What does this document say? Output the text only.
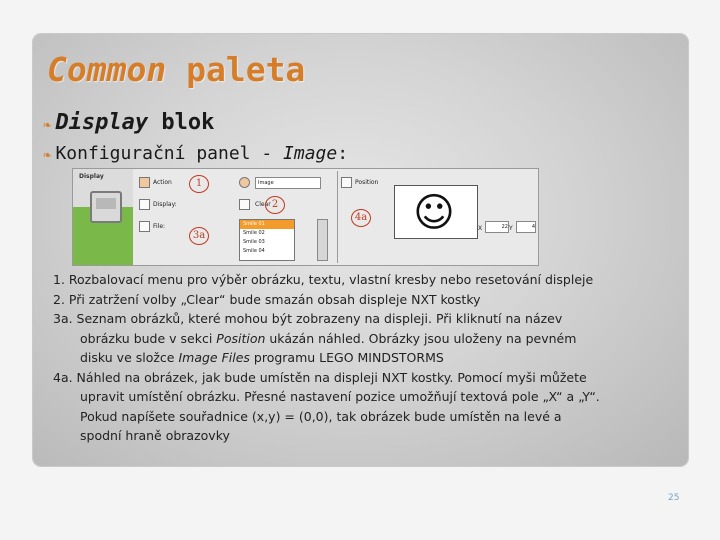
Common paleta
❧ Display blok
❧ Konfigurační panel - Image:
Display
Action	1	Image
Display:	Clear 2
File:
3a
Smile 01
Smile 02
Smile 03
Smile 04
Position
4a ☺	X	22 Y	4

1. Rozbalovací menu pro výběr obrázku, textu, vlastní kresby nebo resetování displeje

2. Při zatržení volby „Clear“ bude smazán obsah displeje NXT kostky

3a. Seznam obrázků, které mohou být zobrazeny na displeji. Při kliknutí na název

obrázku bude v sekci Position ukázán náhled. Obrázky jsou uloženy na pevném

disku ve složce Image Files programu LEGO MINDSTORMS

4a. Náhled na obrázek, jak bude umístěn na displeji NXT kostky. Pomocí myši můžete

upravit umístění obrázku. Přesné nastavení pozice umožňují textová pole „X“ a „Y“.

Pokud napíšete souřadnice (x,y) = (0,0), tak obrázek bude umístěn na levé a

spodní hraně obrazovky

25
